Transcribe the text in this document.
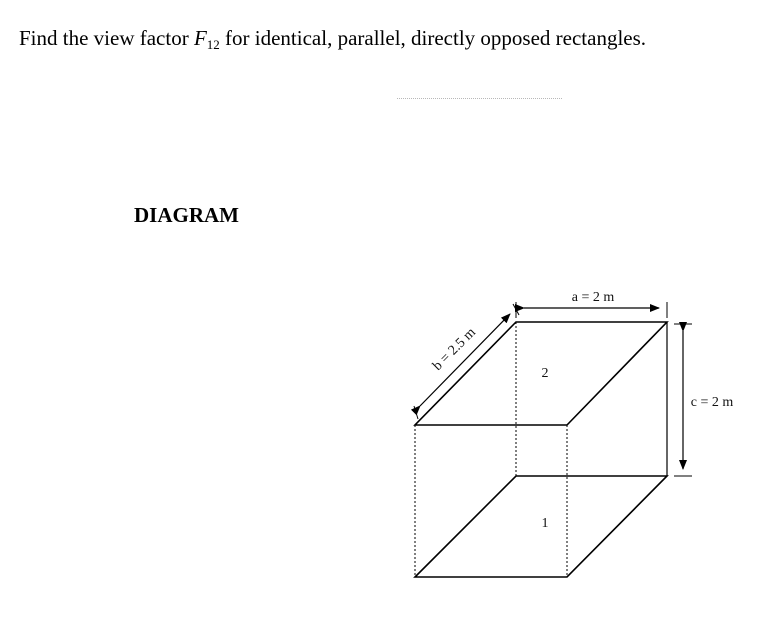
Find the view factor $F_{12}$ for identical, parallel, directly opposed rectangles.
DIAGRAM
a = 2 m
c = 2 m
b = 2.5 m	2
1
